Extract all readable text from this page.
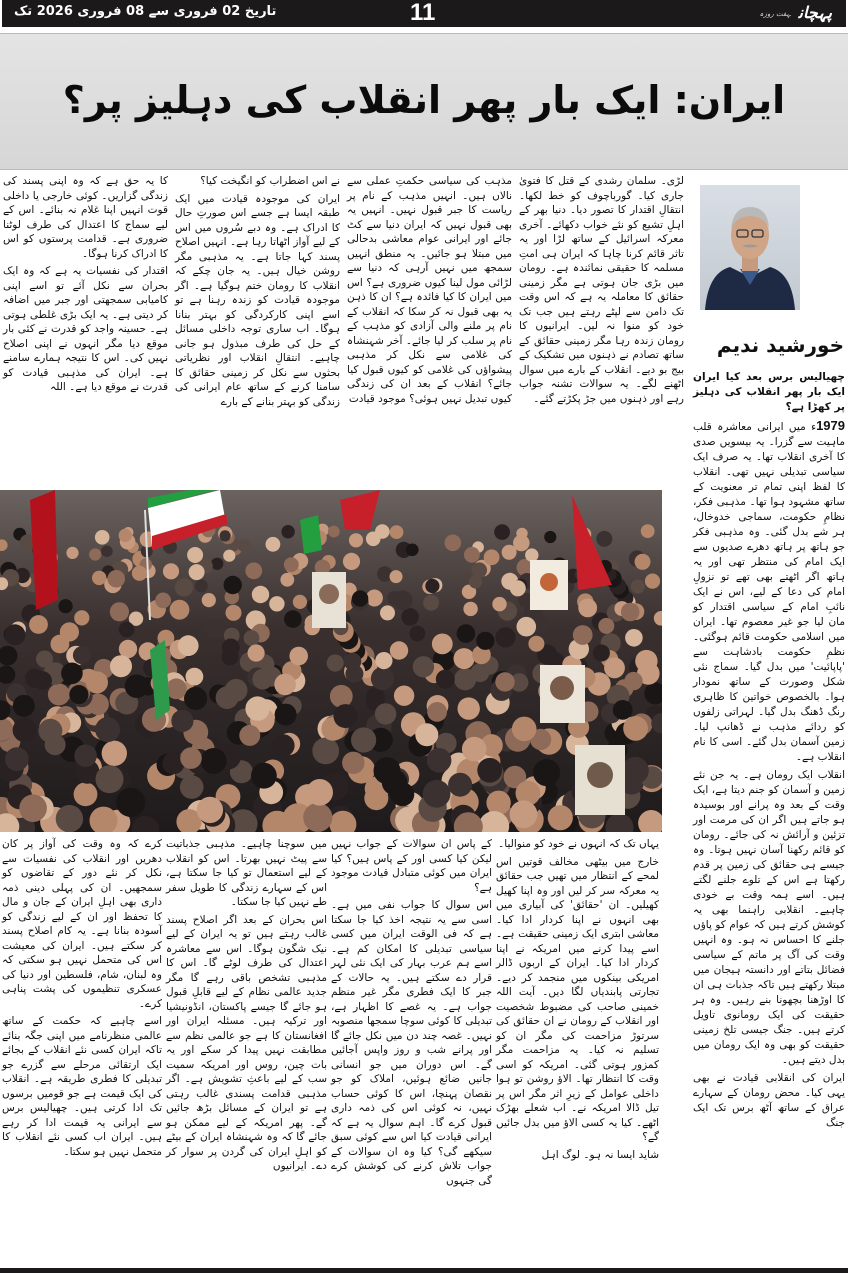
پہچانہفت روزہ
11
تاریخ 02 فروری سے 08 فروری 2026 تک
ایران: ایک بار پھر انقلاب کی دہلیز پر؟
خورشید ندیم

چھیالیس برس بعد کیا ایران ایک بار پھر انقلاب کی دہلیز پر کھڑا ہے؟

1979ء میں ایرانی معاشرہ قلب ماہیت سے گزرا۔ یہ بیسویں صدی کا آخری انقلاب تھا۔ یہ صرف ایک سیاسی تبدیلی نہیں تھی۔ انقلاب کا لفظ اپنی تمام تر معنویت کے ساتھ مشہود ہوا تھا۔ مذہبی فکر، نظامِ حکومت، سماجی خدوخال، ہر شے بدل گئی۔ وہ مذہبی فکر جو ہاتھ پر ہاتھ دھرے صدیوں سے ایک امام کی منتظر تھی اور یہ ہاتھ اگر اٹھتے بھی تھے تو نزولِ امام کی دعا کے لیے، اس نے ایک نائبِ امام کے سیاسی اقتدار کو مان لیا جو غیر معصوم تھا۔ ایران میں اسلامی حکومت قائم ہوگئی۔ نظمِ حکومت بادشاہت سے 'پاپائیت' میں بدل گیا۔ سماج نئی شکل وصورت کے ساتھ نمودار ہوا۔ بالخصوص خواتین کا ظاہری رنگ ڈھنگ بدل گیا۔ لہراتی زلفوں کو ردائے مذہب نے ڈھانپ لیا۔ زمین آسمان بدل گئے۔ اسی کا نام انقلاب ہے۔

انقلاب ایک رومان ہے۔ یہ جن نئے زمین و آسمان کو جنم دیتا ہے، ایک وقت کے بعد وہ پرانے اور بوسیدہ ہو جاتے ہیں اگر ان کی مرمت اور تزئین و آرائش نہ کی جائے۔ رومان کو قائم رکھنا آسان نہیں ہوتا۔ وہ جیسے ہی حقائق کی زمین پر قدم رکھتا ہے اس کے تلوے جلنے لگتے ہیں۔ اسے ہمہ وقت بے خودی چاہیے۔ انقلابی راہنما بھی یہ کوشش کرتے ہیں کہ عوام کو پاؤں جلنے کا احساس نہ ہو۔ وہ انہیں وقت کی آگ پر ماتم کے سیاسی فضائل بتاتے اور دانستہ ہیجان میں مبتلا رکھتے ہیں تاکہ جذبات ہی ان کا اوڑھنا بچھونا بنے رہیں۔ وہ ہر حقیقت کی ایک رومانوی تاویل کرتے ہیں۔ جنگ جیسی تلخ زمینی حقیقت کو بھی وہ ایک رومان میں بدل دیتے ہیں۔

ایران کی انقلابی قیادت نے بھی یہی کیا۔ محض رومان کے سہارے عراق کے ساتھ آٹھ برس تک ایک جنگ

لڑی۔ سلمان رشدی کے قتل کا فتویٰ جاری کیا۔ گورباچوف کو خط لکھا۔ انتقالِ اقتدار کا تصور دیا۔ دنیا بھر کے اہلِ تشیع کو نئے خواب دکھائے۔ آخری معرکہ اسرائیل کے ساتھ لڑا اور یہ تاثر قائم کرنا چاہا کہ ایران ہی امتِ مسلمہ کا حقیقی نمائندہ ہے۔ رومان میں بڑی جان ہوتی ہے مگر زمینی حقائق کا معاملہ یہ ہے کہ اس وقت تک دامن سے لپٹے رہتے ہیں جب تک خود کو منوا نہ لیں۔ ایرانیوں کا رومان زندہ رہا مگر زمینی حقائق کے ساتھ تصادم نے ذہنوں میں تشکیک کے بیج بو دیے۔ انقلاب کے بارے میں سوال اٹھنے لگے۔ یہ سوالات تشنہ جواب رہے اور ذہنوں میں جڑ پکڑتے گئے۔

مذہب کی سیاسی حکمتِ عملی سے نالاں ہیں۔ انہیں مذہب کے نام پر ریاست کا جبر قبول نہیں۔ انہیں یہ بھی قبول نہیں کہ ایران دنیا سے کٹ جائے اور ایرانی عوام معاشی بدحالی میں مبتلا ہو جائیں۔ یہ منطق انہیں سمجھ میں نہیں آرہی کہ دنیا سے لڑائی مول لینا کیوں ضروری ہے؟ اس میں ایران کا کیا فائدہ ہے؟ ان کا ذہن یہ بھی قبول نہ کر سکا کہ انقلاب کے نام پر ملنے والی آزادی کو مذہب کے نام پر سلب کر لیا جائے۔ آخر شہنشاہ کی غلامی سے نکل کر مذہبی پیشواؤں کی غلامی کو کیوں قبول کیا جائے؟ انقلاب کے بعد ان کی زندگی کیوں تبدیل نہیں ہوئی؟ موجود قیادت

نے اس اضطراب کو انگیخت کیا؟

ایران کی موجودہ قیادت میں ایک طبقہ ایسا ہے جسے اس صورتِ حال کا ادراک ہے۔ وہ دبے سُروں میں اس کے لیے آواز اٹھاتا رہا ہے۔ انہیں اصلاح پسند کہا جاتا ہے۔ یہ مذہبی مگر روشن خیال ہیں۔ یہ جان چکے کہ انقلاب کا رومان ختم ہوگیا ہے۔ اگر موجودہ قیادت کو زندہ رہنا ہے تو اسے اپنی کارکردگی کو بہتر بنانا ہوگا۔ اب ساری توجہ داخلی مسائل کے حل کی طرف مبذول ہو جانی چاہیے۔ انتقالِ انقلاب اور نظریاتی بحثوں سے نکل کر زمینی حقائق کا سامنا کرنے کے ساتھ عام ایرانی کی زندگی کو بہتر بنانے کے بارے

کا یہ حق ہے کہ وہ اپنی پسند کی زندگی گزاریں۔ کوئی خارجی یا داخلی قوت انہیں اپنا غلام نہ بنائے۔ اس کے لیے سماج کا اعتدال کی طرف لوٹنا ضروری ہے۔ قدامت پرستوں کو اس کا ادراک کرنا ہوگا۔

اقتدار کی نفسیات یہ ہے کہ وہ ایک بحران سے نکل آئے تو اسے اپنی کامیابی سمجھتی اور جبر میں اضافہ کر دیتی ہے۔ یہ ایک بڑی غلطی ہوتی ہے۔ حسینہ واجد کو قدرت نے کئی بار موقع دیا مگر انہوں نے اپنی اصلاح نہیں کی۔ اس کا نتیجہ ہمارے سامنے ہے۔ ایران کی مذہبی قیادت کو قدرت نے موقع دیا ہے۔ اللہ

یہاں تک کہ انہوں نے خود کو منوالیا۔

خارج میں بیٹھی مخالف قوتیں اس لمحے کے انتظار میں تھیں جب حقائق یہ معرکہ سر کر لیں اور وہ اپنا کھیل کھیلیں۔ ان 'حقائق' کی آبیاری میں بھی انہوں نے اپنا کردار ادا کیا۔ معاشی ابتری ایک زمینی حقیقت ہے۔ اسے پیدا کرنے میں امریکہ نے اپنا کردار ادا کیا۔ ایران کے اربوں ڈالر امریکی بینکوں میں منجمد کر دیے۔ تجارتی پابندیاں لگا دیں۔ آیت اللہ خمینی صاحب کی مضبوط شخصیت اور انقلاب کے رومان نے ان حقائق کی سرتوڑ مزاحمت کی مگر ان کو تسلیم نہ کیا۔ یہ مزاحمت مگر کمزور ہوتی گئی۔ امریکہ کو اسی وقت کا انتظار تھا۔ الاؤ روشن تو ہوا داخلی عوامل کے زیرِ اثر مگر اس پر تیل ڈالا امریکہ نے۔ اب شعلے بھڑک اٹھے۔ کیا یہ کسی الاؤ میں بدل جائیں گے؟

شاید ایسا نہ ہو۔ لوگ اہل

کے پاس ان سوالات کے جواب نہیں لیکن کیا کسی اور کے پاس ہیں؟ کیا ایران میں کوئی متبادل قیادت موجود ہے؟

اس سوال کا جواب نفی میں ہے۔ اسی سے یہ نتیجہ اخذ کیا جا سکتا ہے کہ فی الوقت ایران میں کسی سیاسی تبدیلی کا امکان کم ہے۔ اسے ہم عرب بہار کی ایک نئی لہر قرار دے سکتے ہیں۔ یہ حالات کے جبر کا ایک فطری مگر غیر منظم جواب ہے۔ یہ غصے کا اظہار ہے، تبدیلی کا کوئی سوچا سمجھا منصوبہ نہیں۔ غصہ چند دن میں نکل جائے گا اور پرانے شب و روز واپس آجائیں گے۔ اس دوران میں جو انسانی جانیں ضائع ہوئیں، املاک کو جو نقصان پہنچا، اس کا کوئی حساب نہیں، نہ کوئی اس کی ذمہ داری قبول کرے گا۔ اہم سوال یہ ہے کہ ایرانی قیادت کیا اس سے کوئی سبق سیکھے گی؟ کیا وہ ان سوالات کے جواب تلاش کرنے کی کوشش کرے گی جنہوں

میں سوچنا چاہیے۔ مذہبی جذباتیت سے پیٹ نہیں بھرتا۔ اس کو انقلاب کے لیے استعمال تو کیا جا سکتا ہے، اس کے سہارے زندگی کا طویل سفر طے نہیں کیا جا سکتا۔

اس بحران کے بعد اگر اصلاح پسند غالب رہتے ہیں تو یہ ایران کے لیے نیک شگون ہوگا۔ اس سے معاشرہ اعتدال کی طرف لوٹے گا۔ اس کا مذہبی تشخص باقی رہے گا مگر جدید عالمی نظام کے لیے قابلِ قبول ہو جائے گا جیسے پاکستان، انڈونیشیا اور ترکیہ ہیں۔ مسئلہ ایران اور افغانستان کا ہے جو عالمی نظم سے مطابقت نہیں پیدا کر سکے اور یہ بات چین، روس اور امریکہ سمیت سب کے لیے باعثِ تشویش ہے۔ اگر مذہبی قدامت پسندی غالب رہتی ہے تو ایران کے مسائل بڑھ جائیں گے۔ پھر امریکہ کے لیے ممکن ہو جائے گا کہ وہ شہنشاہ ایران کے بیٹے کو اہلِ ایران کی گردن پر سوار کر دے۔ ایرانیوں

کرے کہ وہ وقت کی آواز پر کان دھریں اور انقلاب کی نفسیات سے نکل کر نئے دور کے تقاضوں کو سمجھیں۔ ان کی پہلی دینی ذمہ داری بھی اہلِ ایران کے جان و مال کا تحفظ اور ان کے لیے زندگی کو آسودہ بنانا ہے۔ یہ کام اصلاح پسند کر سکتے ہیں۔ ایران کی معیشت اس کی متحمل نہیں ہو سکتی کہ وہ لبنان، شام، فلسطین اور دنیا کی عسکری تنظیموں کی پشت پناہی کرے۔

اسے چاہیے کہ حکمت کے ساتھ عالمی منظرنامے میں اپنی جگہ بنائے تاکہ ایران کسی نئے انقلاب کے بجائے ایک ارتقائی مرحلے سے گزرے جو تبدیلی کا فطری طریقہ ہے۔ انقلاب کی ایک قیمت ہے جو قومیں برسوں تک ادا کرتی ہیں۔ چھیالیس برس سے ایرانی یہ قیمت ادا کر رہے ہیں۔ ایران اب کسی نئے انقلاب کا متحمل نہیں ہو سکتا۔
